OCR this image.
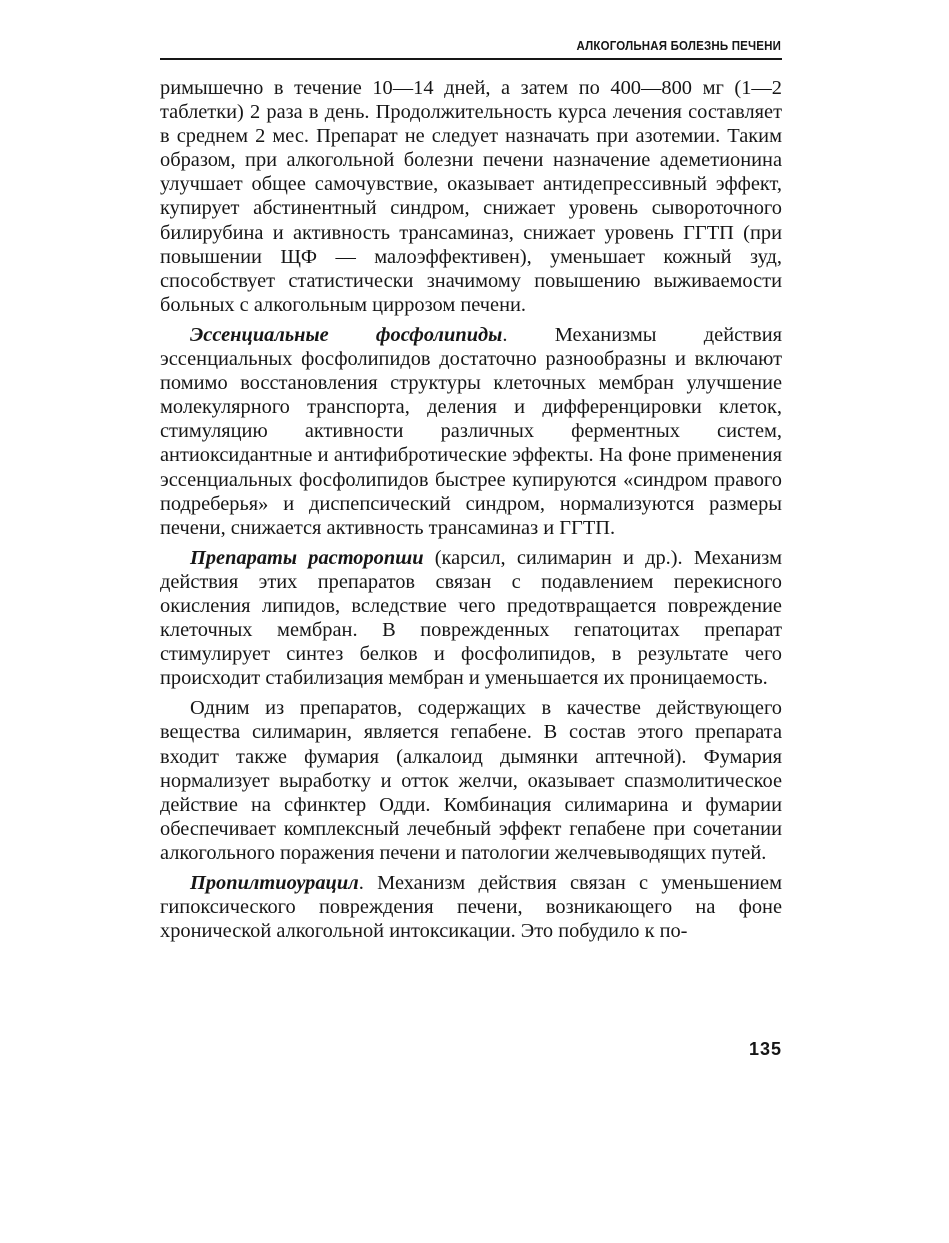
АЛКОГОЛЬНАЯ БОЛЕЗНЬ ПЕЧЕНИ

римышечно в течение 10—14 дней, а затем по 400—800 мг (1—2 таблетки) 2 раза в день. Продолжительность курса лечения составляет в среднем 2 мес. Препарат не следует назначать при азотемии. Таким образом, при алкогольной болезни печени назначение адеметионина улучшает общее самочувствие, оказывает антидепрессивный эффект, купирует абстинентный синдром, снижает уровень сывороточного билирубина и активность трансаминаз, снижает уровень ГГТП (при повышении ЩФ — малоэффективен), уменьшает кожный зуд, способствует статистически значимому повышению выживаемости больных с алкогольным циррозом печени.

Эссенциальные фосфолипиды. Механизмы действия эссенциальных фосфолипидов достаточно разнообразны и включают помимо восстановления структуры клеточных мембран улучшение молекулярного транспорта, деления и дифференцировки клеток, стимуляцию активности различных ферментных систем, антиоксидантные и антифибротические эффекты. На фоне применения эссенциальных фосфолипидов быстрее купируются «синдром правого подреберья» и диспепсический синдром, нормализуются размеры печени, снижается активность трансаминаз и ГГТП.

Препараты расторопши (карсил, силимарин и др.). Механизм действия этих препаратов связан с подавлением перекисного окисления липидов, вследствие чего предотвращается повреждение клеточных мембран. В поврежденных гепатоцитах препарат стимулирует синтез белков и фосфолипидов, в результате чего происходит стабилизация мембран и уменьшается их проницаемость.

Одним из препаратов, содержащих в качестве действующего вещества силимарин, является гепабене. В состав этого препарата входит также фумария (алкалоид дымянки аптечной). Фумария нормализует выработку и отток желчи, оказывает спазмолитическое действие на сфинктер Одди. Комбинация силимарина и фумарии обеспечивает комплексный лечебный эффект гепабене при сочетании алкогольного поражения печени и патологии желчевыводящих путей.

Пропилтиоурацил. Механизм действия связан с уменьшением гипоксического повреждения печени, возникающего на фоне хронической алкогольной интоксикации. Это побудило к по-

135
